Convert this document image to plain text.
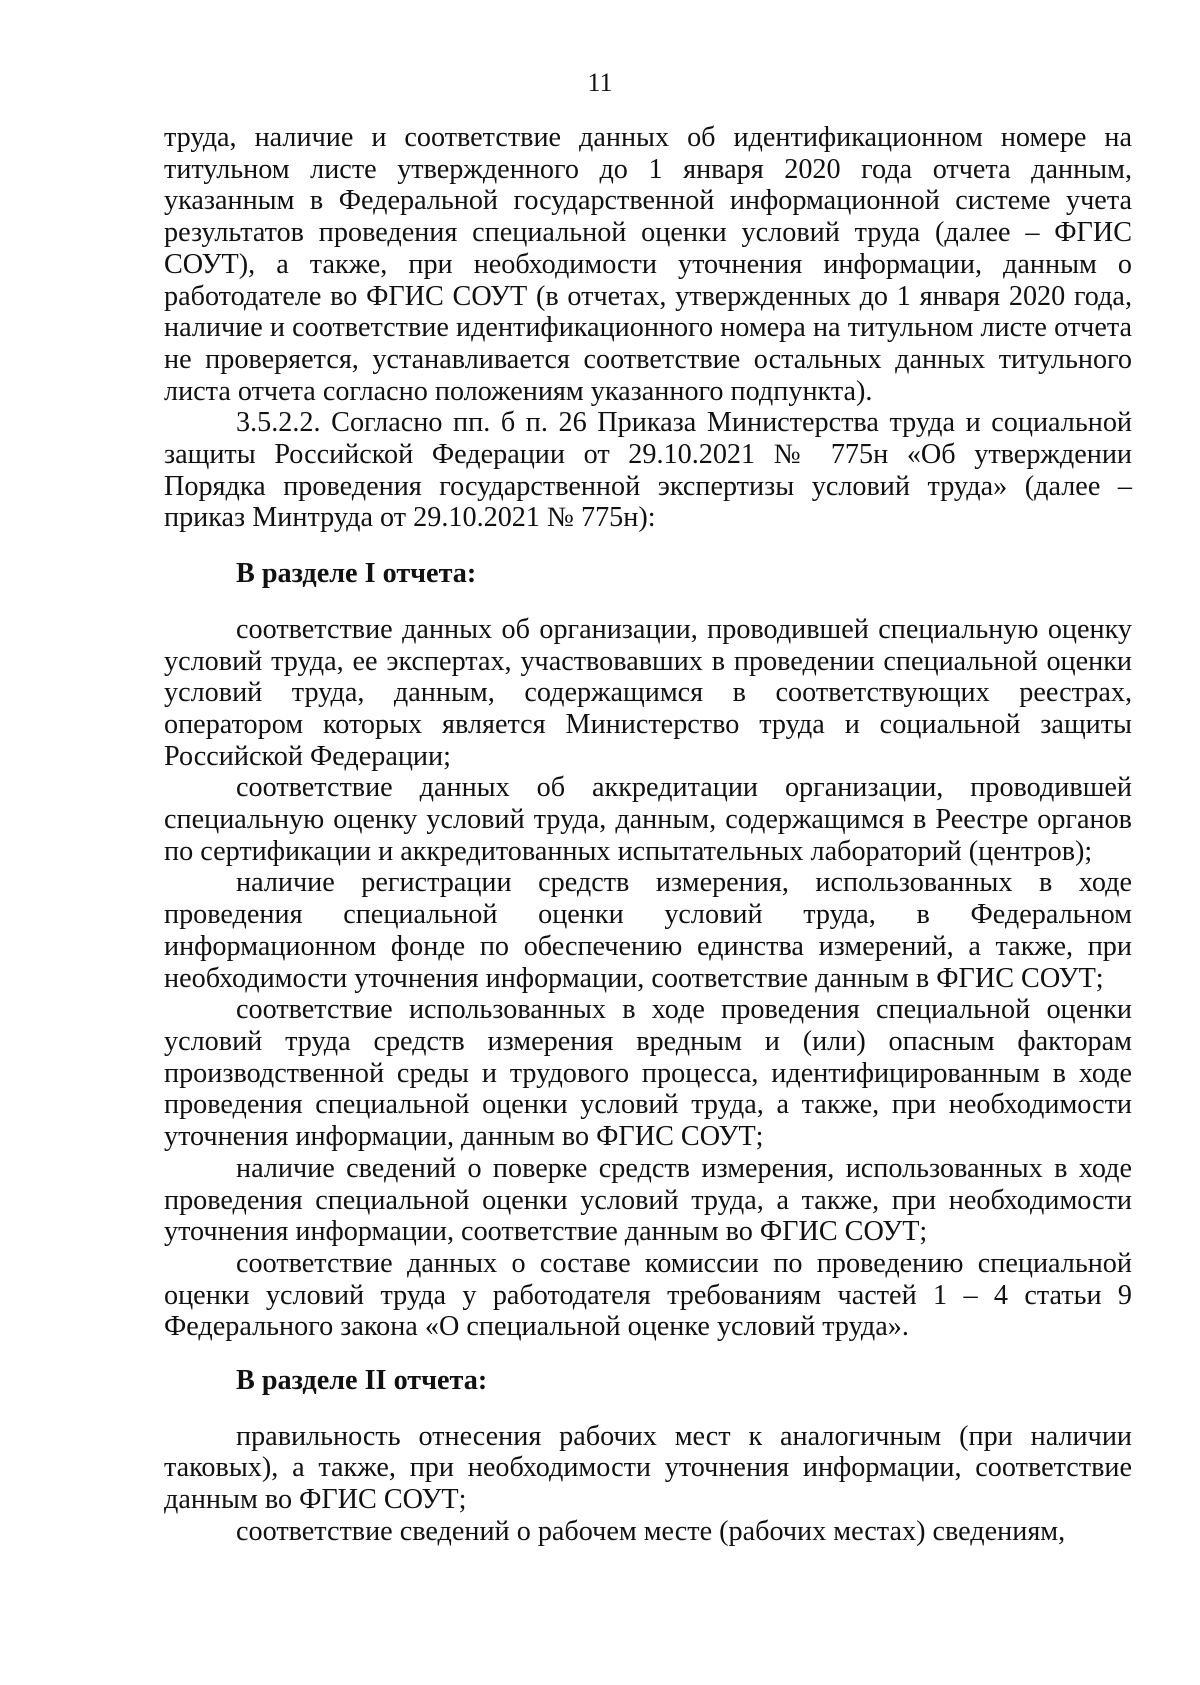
11

труда, наличие и соответствие данных об идентификационном номере на титульном листе утвержденного до 1 января 2020 года отчета данным, указанным в Федеральной государственной информационной системе учета результатов проведения специальной оценки условий труда (далее – ФГИС СОУТ), а также, при необходимости уточнения информации, данным о работодателе во ФГИС СОУТ (в отчетах, утвержденных до 1 января 2020 года, наличие и соответствие идентификационного номера на титульном листе отчета не проверяется, устанавливается соответствие остальных данных титульного листа отчета согласно положениям указанного подпункта).

3.5.2.2. Согласно пп. б п. 26 Приказа Министерства труда и социальной защиты Российской Федерации от 29.10.2021 № 775н «Об утверждении Порядка проведения государственной экспертизы условий труда» (далее – приказ Минтруда от 29.10.2021 № 775н):

В разделе I отчета:

соответствие данных об организации, проводившей специальную оценку условий труда, ее экспертах, участвовавших в проведении специальной оценки условий труда, данным, содержащимся в соответствующих реестрах, оператором которых является Министерство труда и социальной защиты Российской Федерации;

соответствие данных об аккредитации организации, проводившей специальную оценку условий труда, данным, содержащимся в Реестре органов по сертификации и аккредитованных испытательных лабораторий (центров);

наличие регистрации средств измерения, использованных в ходе проведения специальной оценки условий труда, в Федеральном информационном фонде по обеспечению единства измерений, а также, при необходимости уточнения информации, соответствие данным в ФГИС СОУТ;

соответствие использованных в ходе проведения специальной оценки условий труда средств измерения вредным и (или) опасным факторам производственной среды и трудового процесса, идентифицированным в ходе проведения специальной оценки условий труда, а также, при необходимости уточнения информации, данным во ФГИС СОУТ;

наличие сведений о поверке средств измерения, использованных в ходе проведения специальной оценки условий труда, а также, при необходимости уточнения информации, соответствие данным во ФГИС СОУТ;

соответствие данных о составе комиссии по проведению специальной оценки условий труда у работодателя требованиям частей 1 – 4 статьи 9 Федерального закона «О специальной оценке условий труда».

В разделе II отчета:

правильность отнесения рабочих мест к аналогичным (при наличии таковых), а также, при необходимости уточнения информации, соответствие данным во ФГИС СОУТ;

соответствие сведений о рабочем месте (рабочих местах) сведениям,
